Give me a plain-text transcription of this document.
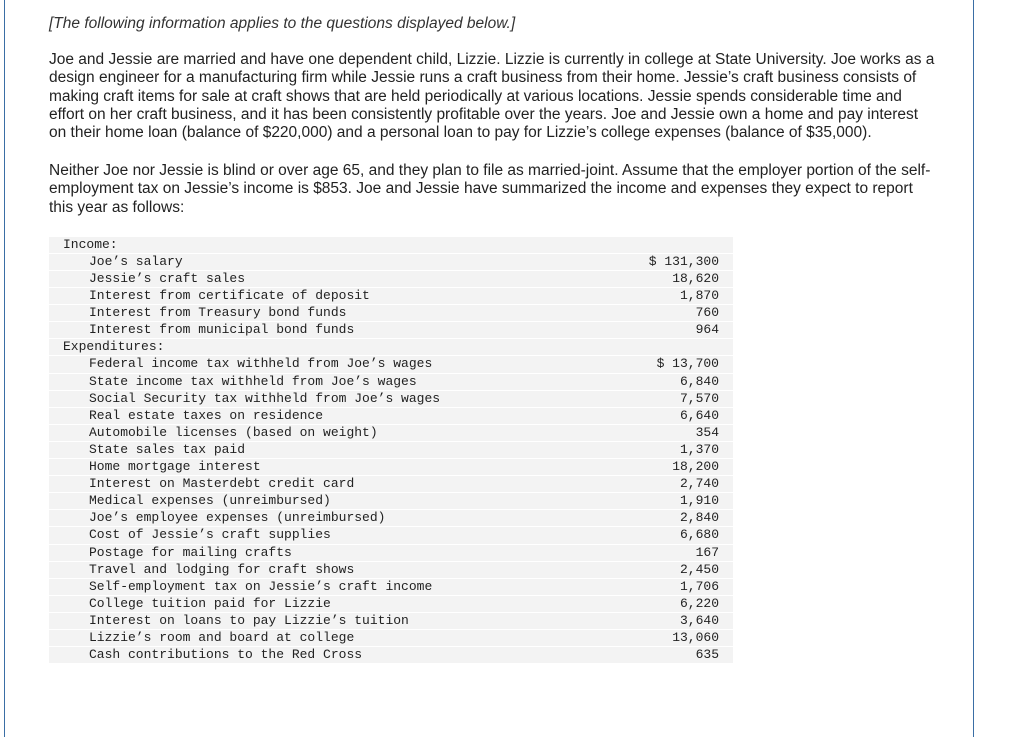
[The following information applies to the questions displayed below.]

Joe and Jessie are married and have one dependent child, Lizzie. Lizzie is currently in college at State University. Joe works as a design engineer for a manufacturing firm while Jessie runs a craft business from their home. Jessie’s craft business consists of making craft items for sale at craft shows that are held periodically at various locations. Jessie spends considerable time and effort on her craft business, and it has been consistently profitable over the years. Joe and Jessie own a home and pay interest on their home loan (balance of $220,000) and a personal loan to pay for Lizzie’s college expenses (balance of $35,000).

Neither Joe nor Jessie is blind or over age 65, and they plan to file as married-joint. Assume that the employer portion of the self-employment tax on Jessie’s income is $853. Joe and Jessie have summarized the income and expenses they expect to report this year as follows:

Income:		
Joe’s salary		$ 131,300
Jessie’s craft sales		18,620
Interest from certificate of deposit		1,870
Interest from Treasury bond funds		760
Interest from municipal bond funds		964
Expenditures:		
Federal income tax withheld from Joe’s wages		$ 13,700
State income tax withheld from Joe’s wages		6,840
Social Security tax withheld from Joe’s wages		7,570
Real estate taxes on residence		6,640
Automobile licenses (based on weight)		354
State sales tax paid		1,370
Home mortgage interest		18,200
Interest on Masterdebt credit card		2,740
Medical expenses (unreimbursed)		1,910
Joe’s employee expenses (unreimbursed)		2,840
Cost of Jessie’s craft supplies		6,680
Postage for mailing crafts		167
Travel and lodging for craft shows		2,450
Self-employment tax on Jessie’s craft income		1,706
College tuition paid for Lizzie		6,220
Interest on loans to pay Lizzie’s tuition		3,640
Lizzie’s room and board at college		13,060
Cash contributions to the Red Cross		635
